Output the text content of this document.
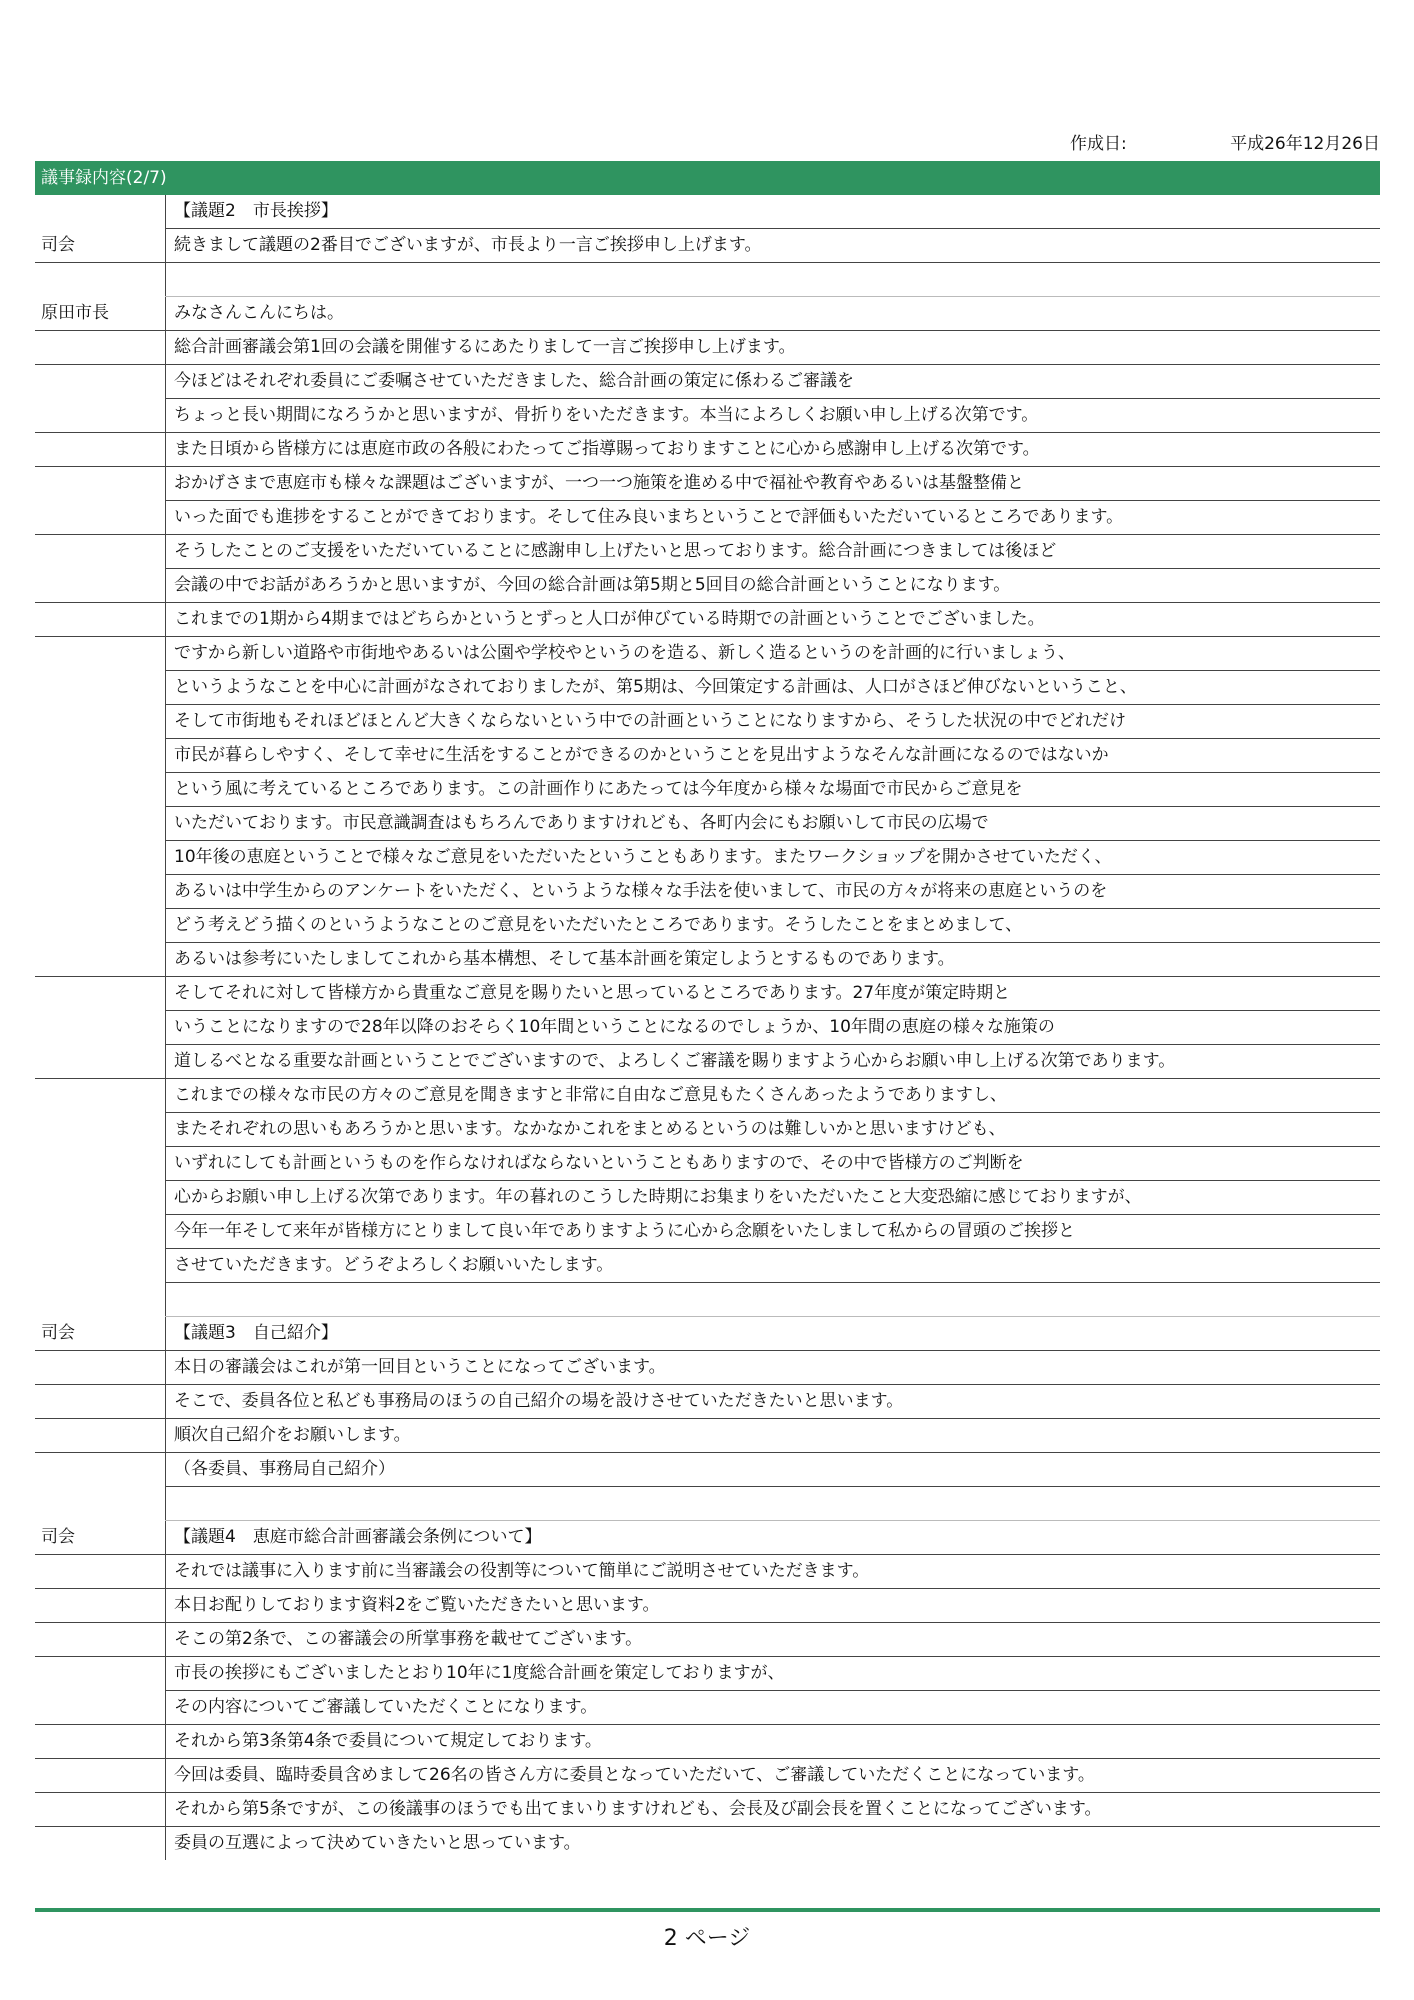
作成日:	平成26年12月26日
議事録内容(2/7)
	【議題2　市長挨拶】
司会	続きまして議題の2番目でございますが、市長より一言ご挨拶申し上げます。

原田市長	みなさんこんにちは。
	総合計画審議会第1回の会議を開催するにあたりまして一言ご挨拶申し上げます。
	今ほどはそれぞれ委員にご委嘱させていただきました、総合計画の策定に係わるご審議を
	ちょっと長い期間になろうかと思いますが、骨折りをいただきます。本当によろしくお願い申し上げる次第です。
	また日頃から皆様方には恵庭市政の各般にわたってご指導賜っておりますことに心から感謝申し上げる次第です。
	おかげさまで恵庭市も様々な課題はございますが、一つ一つ施策を進める中で福祉や教育やあるいは基盤整備と
	いった面でも進捗をすることができております。そして住み良いまちということで評価もいただいているところであります。
	そうしたことのご支援をいただいていることに感謝申し上げたいと思っております。総合計画につきましては後ほど
	会議の中でお話があろうかと思いますが、今回の総合計画は第5期と5回目の総合計画ということになります。
	これまでの1期から4期まではどちらかというとずっと人口が伸びている時期での計画ということでございました。
	ですから新しい道路や市街地やあるいは公園や学校やというのを造る、新しく造るというのを計画的に行いましょう、
	というようなことを中心に計画がなされておりましたが、第5期は、今回策定する計画は、人口がさほど伸びないということ、
	そして市街地もそれほどほとんど大きくならないという中での計画ということになりますから、そうした状況の中でどれだけ
	市民が暮らしやすく、そして幸せに生活をすることができるのかということを見出すようなそんな計画になるのではないか
	という風に考えているところであります。この計画作りにあたっては今年度から様々な場面で市民からご意見を
	いただいております。市民意識調査はもちろんでありますけれども、各町内会にもお願いして市民の広場で
	10年後の恵庭ということで様々なご意見をいただいたということもあります。またワークショップを開かさせていただく、
	あるいは中学生からのアンケートをいただく、というような様々な手法を使いまして、市民の方々が将来の恵庭というのを
	どう考えどう描くのというようなことのご意見をいただいたところであります。そうしたことをまとめまして、
	あるいは参考にいたしましてこれから基本構想、そして基本計画を策定しようとするものであります。
	そしてそれに対して皆様方から貴重なご意見を賜りたいと思っているところであります。27年度が策定時期と
	いうことになりますので28年以降のおそらく10年間ということになるのでしょうか、10年間の恵庭の様々な施策の
	道しるべとなる重要な計画ということでございますので、よろしくご審議を賜りますよう心からお願い申し上げる次第であります。
	これまでの様々な市民の方々のご意見を聞きますと非常に自由なご意見もたくさんあったようでありますし、
	またそれぞれの思いもあろうかと思います。なかなかこれをまとめるというのは難しいかと思いますけども、
	いずれにしても計画というものを作らなければならないということもありますので、その中で皆様方のご判断を
	心からお願い申し上げる次第であります。年の暮れのこうした時期にお集まりをいただいたこと大変恐縮に感じておりますが、
	今年一年そして来年が皆様方にとりまして良い年でありますように心から念願をいたしまして私からの冒頭のご挨拶と
	させていただきます。どうぞよろしくお願いいたします。

司会	【議題3　自己紹介】
	本日の審議会はこれが第一回目ということになってございます。
	そこで、委員各位と私ども事務局のほうの自己紹介の場を設けさせていただきたいと思います。
	順次自己紹介をお願いします。
	（各委員、事務局自己紹介）

司会	【議題4　恵庭市総合計画審議会条例について】
	それでは議事に入ります前に当審議会の役割等について簡単にご説明させていただきます。
	本日お配りしております資料2をご覧いただきたいと思います。
	そこの第2条で、この審議会の所掌事務を載せてございます。
	市長の挨拶にもございましたとおり10年に1度総合計画を策定しておりますが、
	その内容についてご審議していただくことになります。
	それから第3条第4条で委員について規定しております。
	今回は委員、臨時委員含めまして26名の皆さん方に委員となっていただいて、ご審議していただくことになっています。
	それから第5条ですが、この後議事のほうでも出てまいりますけれども、会長及び副会長を置くことになってございます。
	委員の互選によって決めていきたいと思っています。
2 ページ
